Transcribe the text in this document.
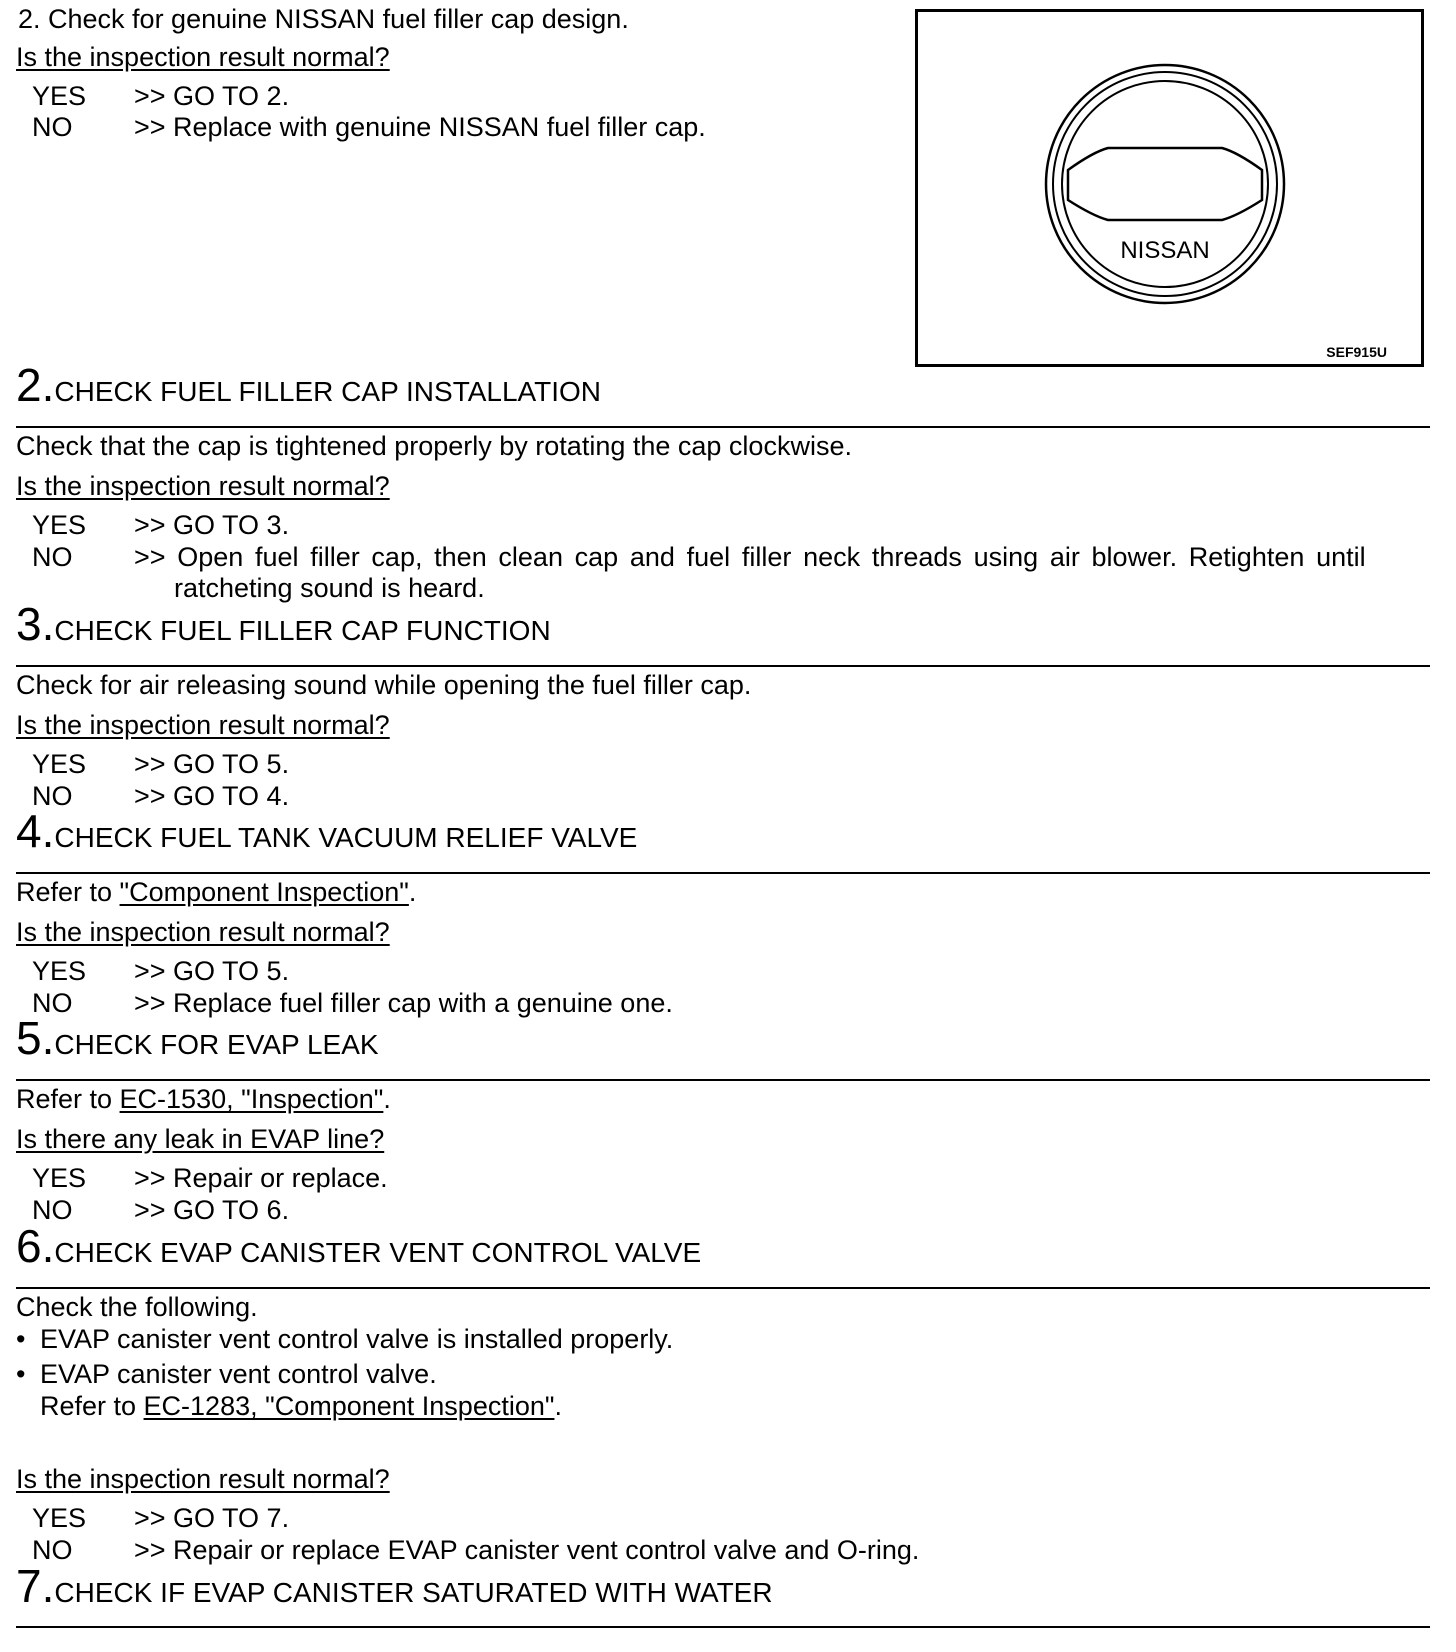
2. Check for genuine NISSAN fuel filler cap design.
Is the inspection result normal?
YES >> GO TO 2.
NO >> Replace with genuine NISSAN fuel filler cap.
NISSAN
SEF915U
2.CHECK FUEL FILLER CAP INSTALLATION
Check that the cap is tightened properly by rotating the cap clockwise.
Is the inspection result normal?
YES >> GO TO 3.
NO >> Open fuel filler cap, then clean cap and fuel filler neck threads using air blower. Retighten until
ratcheting sound is heard.
3.CHECK FUEL FILLER CAP FUNCTION
Check for air releasing sound while opening the fuel filler cap.
Is the inspection result normal?
YES >> GO TO 5.
NO >> GO TO 4.
4.CHECK FUEL TANK VACUUM RELIEF VALVE
Refer to "Component Inspection".
Is the inspection result normal?
YES >> GO TO 5.
NO >> Replace fuel filler cap with a genuine one.
5.CHECK FOR EVAP LEAK
Refer to EC-1530, "Inspection".
Is there any leak in EVAP line?
YES >> Repair or replace.
NO >> GO TO 6.
6.CHECK EVAP CANISTER VENT CONTROL VALVE
Check the following.
• EVAP canister vent control valve is installed properly.
• EVAP canister vent control valve.
Refer to EC-1283, "Component Inspection".
Is the inspection result normal?
YES >> GO TO 7.
NO >> Repair or replace EVAP canister vent control valve and O-ring.
7.CHECK IF EVAP CANISTER SATURATED WITH WATER
